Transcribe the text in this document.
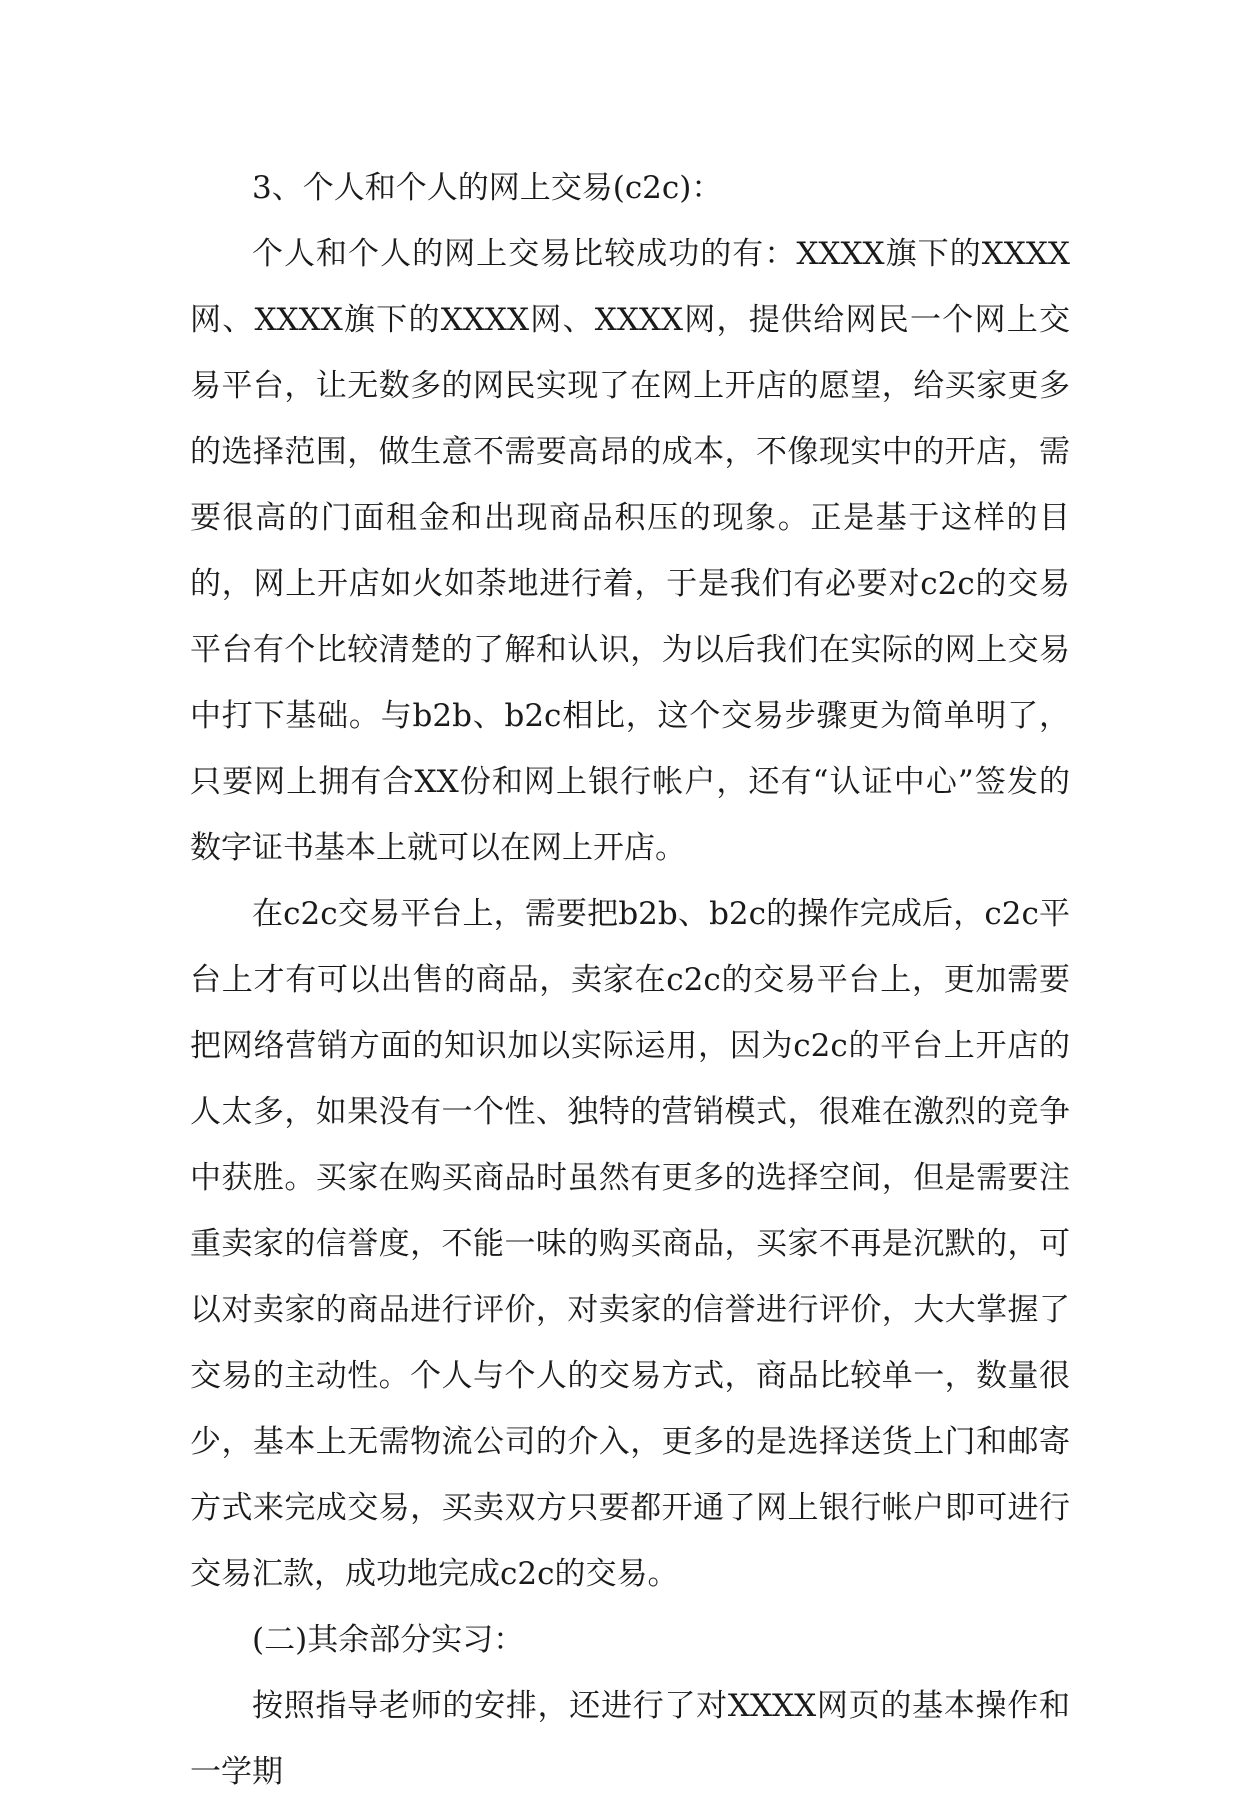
3、个人和个人的网上交易(c2c)：

个人和个人的网上交易比较成功的有：XXXX旗下的XXXX网、XXXX旗下的XXXX网、XXXX网，提供给网民一个网上交易平台，让无数多的网民实现了在网上开店的愿望，给买家更多的选择范围，做生意不需要高昂的成本，不像现实中的开店，需要很高的门面租金和出现商品积压的现象。正是基于这样的目的，网上开店如火如荼地进行着，于是我们有必要对c2c的交易平台有个比较清楚的了解和认识，为以后我们在实际的网上交易中打下基础。与b2b、b2c相比，这个交易步骤更为简单明了，只要网上拥有合XX份和网上银行帐户，还有“认证中心”签发的数字证书基本上就可以在网上开店。

在c2c交易平台上，需要把b2b、b2c的操作完成后，c2c平台上才有可以出售的商品，卖家在c2c的交易平台上，更加需要把网络营销方面的知识加以实际运用，因为c2c的平台上开店的人太多，如果没有一个性、独特的营销模式，很难在激烈的竞争中获胜。买家在购买商品时虽然有更多的选择空间，但是需要注重卖家的信誉度，不能一味的购买商品，买家不再是沉默的，可以对卖家的商品进行评价，对卖家的信誉进行评价，大大掌握了交易的主动性。个人与个人的交易方式，商品比较单一，数量很少，基本上无需物流公司的介入，更多的是选择送货上门和邮寄方式来完成交易，买卖双方只要都开通了网上银行帐户即可进行交易汇款，成功地完成c2c的交易。

(二)其余部分实习：

按照指导老师的安排，还进行了对XXXX网页的基本操作和一学期
